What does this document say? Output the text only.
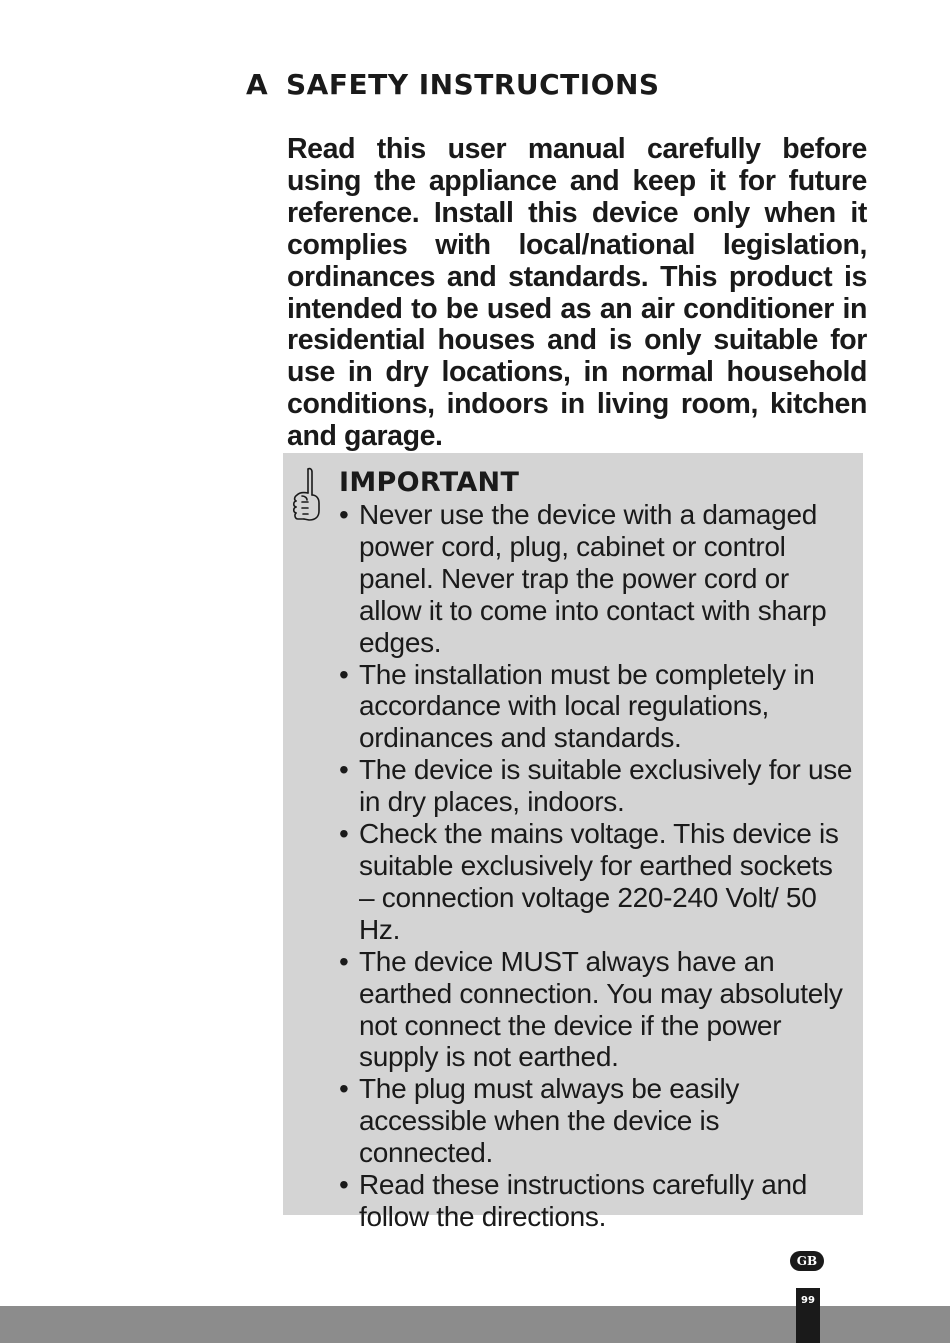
A SAFETY INSTRUCTIONS

Read this user manual carefully before using the appliance and keep it for future reference. Install this device only when it complies with local/national legislation, ordinances and standards. This product is intended to be used as an air conditioner in residential houses and is only suitable for use in dry locations, in normal household conditions, indoors in living room, kitchen and garage.

IMPORTANT
• Never use the device with a damaged power cord, plug, cabinet or control panel. Never trap the power cord or allow it to come into contact with sharp edges.
• The installation must be completely in accordance with local regulations, ordinances and standards.
• The device is suitable exclusively for use in dry places, indoors.
• Check the mains voltage. This device is suitable exclusively for earthed sockets – connection voltage 220-240 Volt/ 50 Hz.
• The device MUST always have an earthed connection. You may absolutely not connect the device if the power supply is not earthed.
• The plug must always be easily accessible when the device is connected.
• Read these instructions carefully and follow the directions.
GB
99
